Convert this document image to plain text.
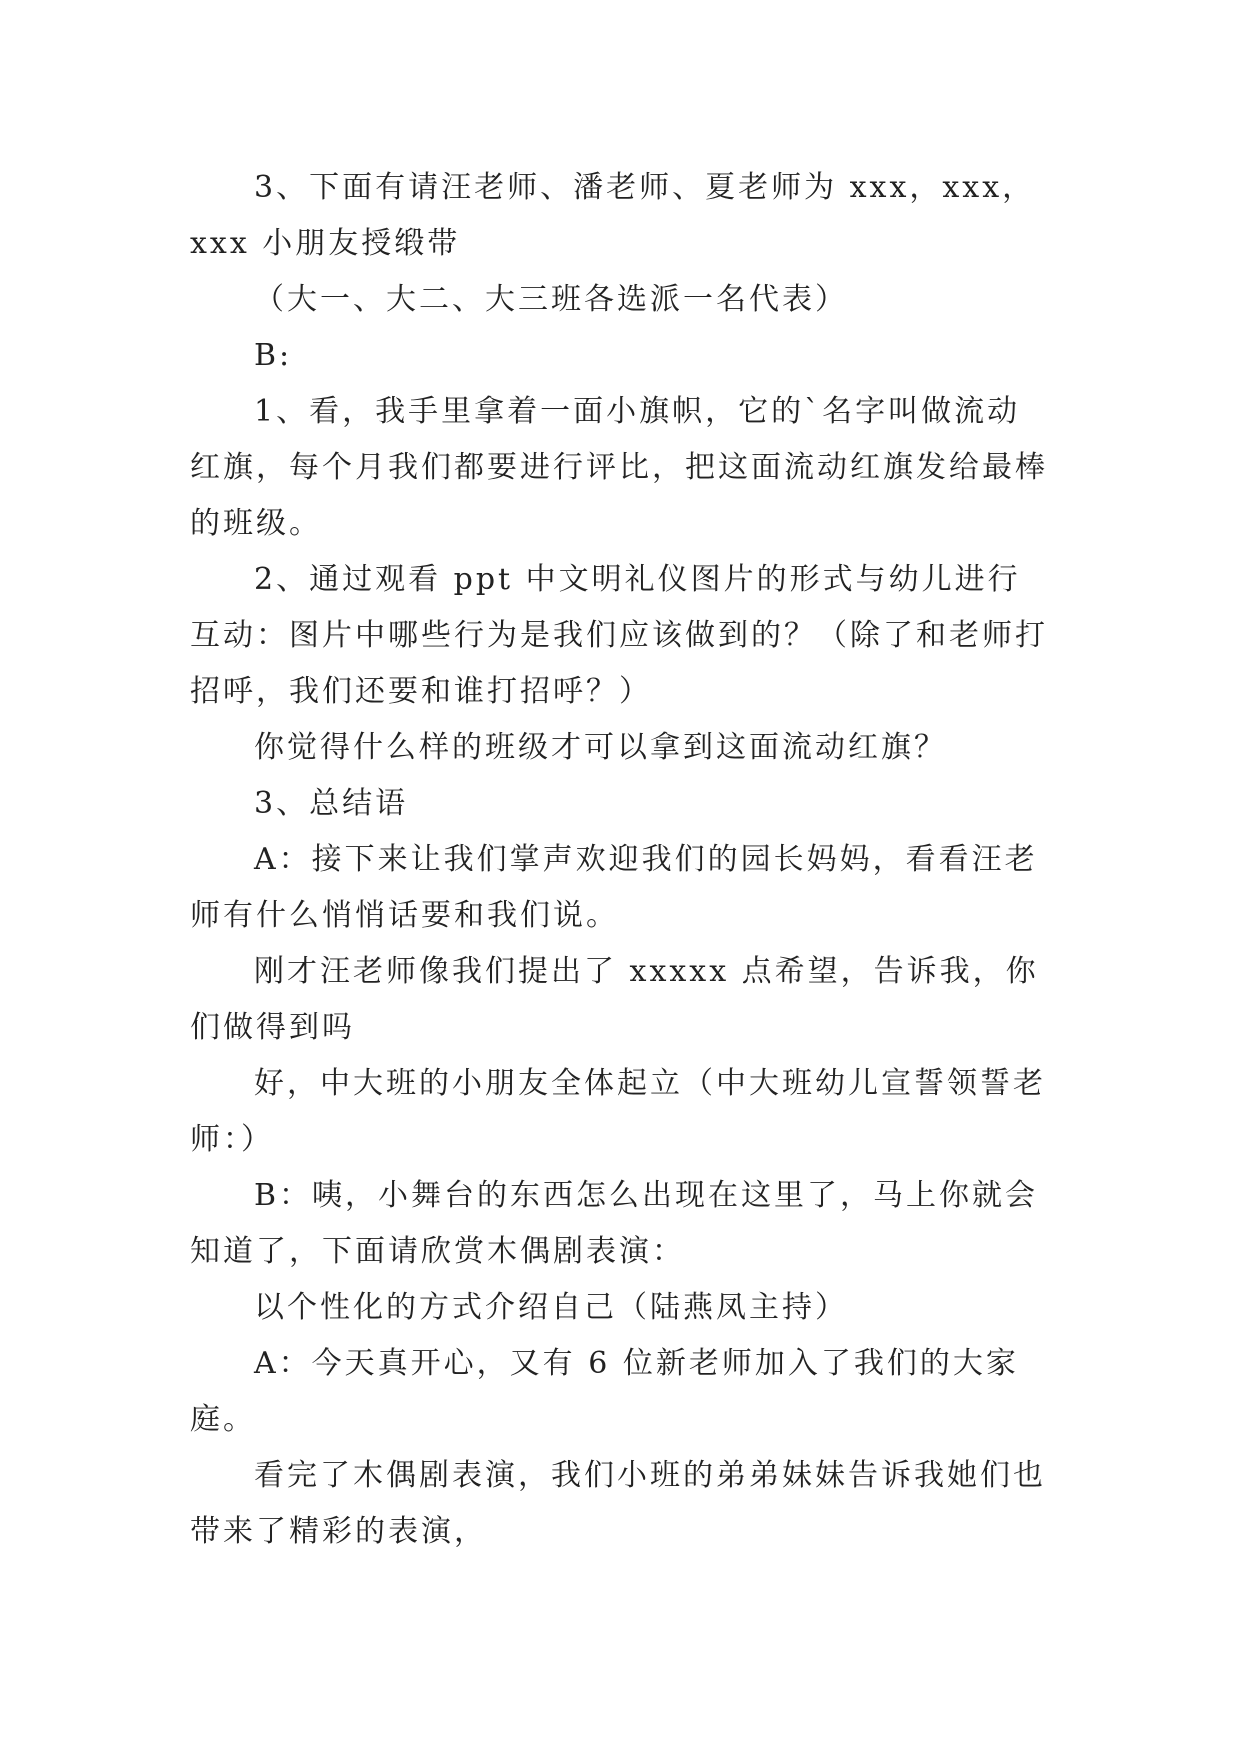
3、下面有请汪老师、潘老师、夏老师为 xxx，xxx，xxx 小朋友授缎带

（大一、大二、大三班各选派一名代表）

B:

1、看，我手里拿着一面小旗帜，它的`名字叫做流动红旗，每个月我们都要进行评比，把这面流动红旗发给最棒的班级。

2、通过观看 ppt 中文明礼仪图片的形式与幼儿进行互动：图片中哪些行为是我们应该做到的？（除了和老师打招呼，我们还要和谁打招呼？）

你觉得什么样的班级才可以拿到这面流动红旗？

3、总结语

A：接下来让我们掌声欢迎我们的园长妈妈，看看汪老师有什么悄悄话要和我们说。

刚才汪老师像我们提出了 xxxxx 点希望，告诉我，你们做得到吗

好，中大班的小朋友全体起立（中大班幼儿宣誓领誓老师：）

B：咦，小舞台的东西怎么出现在这里了，马上你就会知道了，下面请欣赏木偶剧表演：

以个性化的方式介绍自己（陆燕凤主持）

A：今天真开心，又有 6 位新老师加入了我们的大家庭。

看完了木偶剧表演，我们小班的弟弟妹妹告诉我她们也带来了精彩的表演，
